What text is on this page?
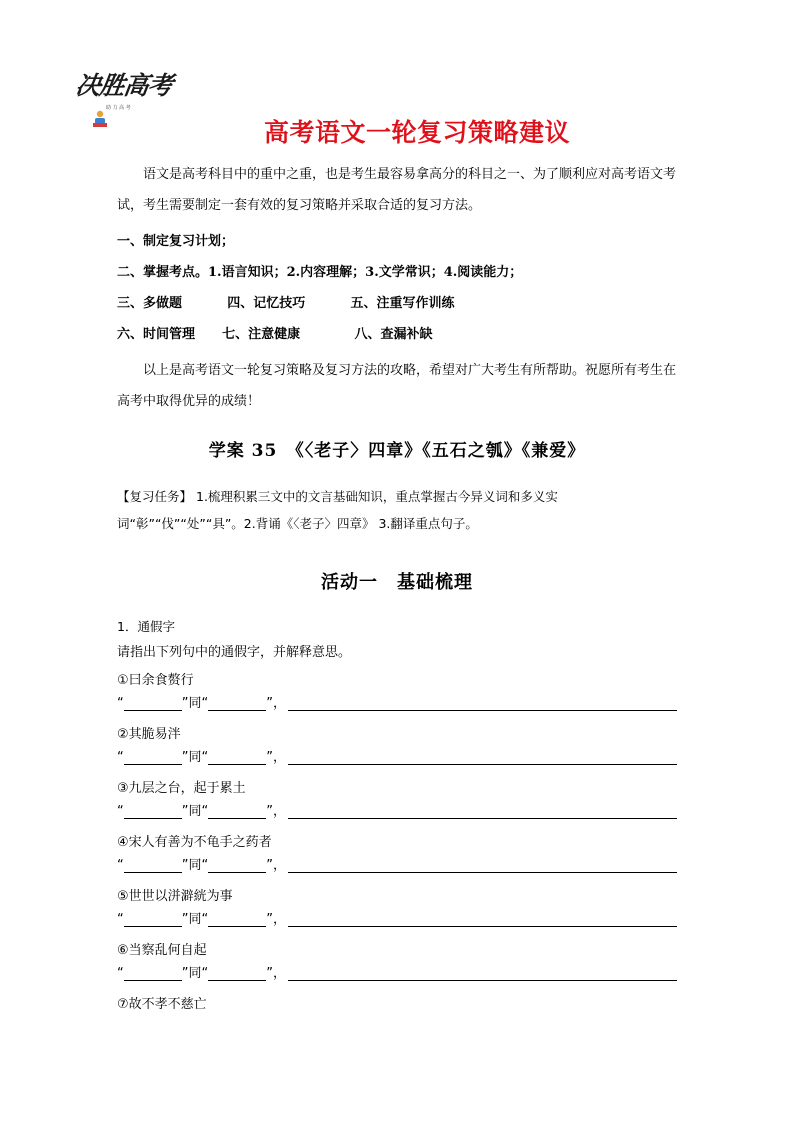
决胜高考
助 力 高 考
高考语文一轮复习策略建议
语文是高考科目中的重中之重，也是考生最容易拿高分的科目之一、为了顺利应对高考语文考试，考生需要制定一套有效的复习策略并采取合适的复习方法。
一、制定复习计划；
二、掌握考点。1.语言知识；2.内容理解；3.文学常识；4.阅读能力；
三、多做题          四、记忆技巧          五、注重写作训练
六、时间管理      七、注意健康            八、查漏补缺
以上是高考语文一轮复习策略及复习方法的攻略，希望对广大考生有所帮助。祝愿所有考生在高考中取得优异的成绩！
学案 35　《〈老子〉四章》《五石之瓠》《兼爱》
【复习任务】 1.梳理积累三文中的文言基础知识，重点掌握古今异义词和多义实词“彰”“伐”“处”“具”。2.背诵《〈老子〉四章》 3.翻译重点句子。
活动一　基础梳理
1．通假字
请指出下列句中的通假字，并解释意思。
①曰余食赘行
“	”同“	”，
②其脆易泮
“	”同“	”，
③九层之台，起于累土
“	”同“	”，
④宋人有善为不龟手之药者
“	”同“	”，
⑤世世以洴澼絖为事
“	”同“	”，
⑥当察乱何自起
“	”同“	”，
⑦故不孝不慈亡
